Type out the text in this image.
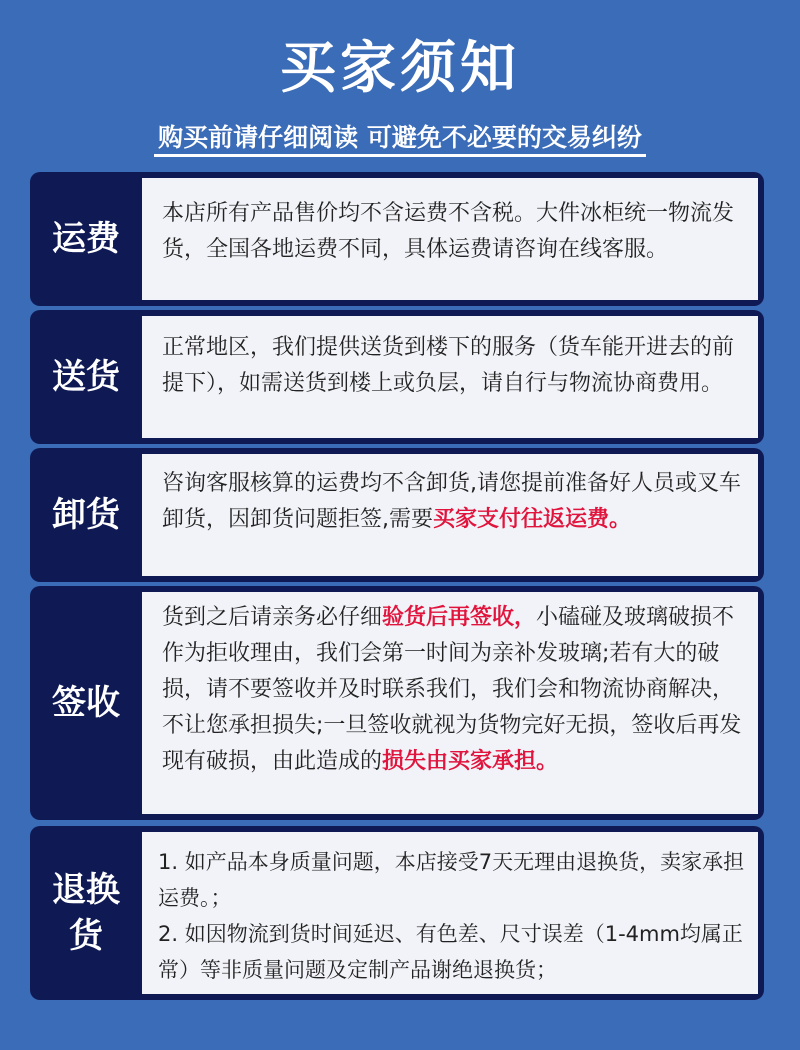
买家须知
购买前请仔细阅读 可避免不必要的交易纠纷
运费
本店所有产品售价均不含运费不含税。大件冰柜统一物流发货，全国各地运费不同，具体运费请咨询在线客服。
送货
正常地区，我们提供送货到楼下的服务（货车能开进去的前提下），如需送货到楼上或负层，请自行与物流协商费用。
卸货
咨询客服核算的运费均不含卸货,请您提前准备好人员或叉车卸货，因卸货问题拒签,需要买家支付往返运费。
签收
货到之后请亲务必仔细验货后再签收，小磕碰及玻璃破损不作为拒收理由，我们会第一时间为亲补发玻璃;若有大的破损，请不要签收并及时联系我们，我们会和物流协商解决，不让您承担损失;一旦签收就视为货物完好无损，签收后再发现有破损，由此造成的损失由买家承担。
退换
货
1. 如产品本身质量问题，本店接受7天无理由退换货，卖家承担运费。；
2. 如因物流到货时间延迟、有色差、尺寸误差（1-4mm均属正常）等非质量问题及定制产品谢绝退换货；
